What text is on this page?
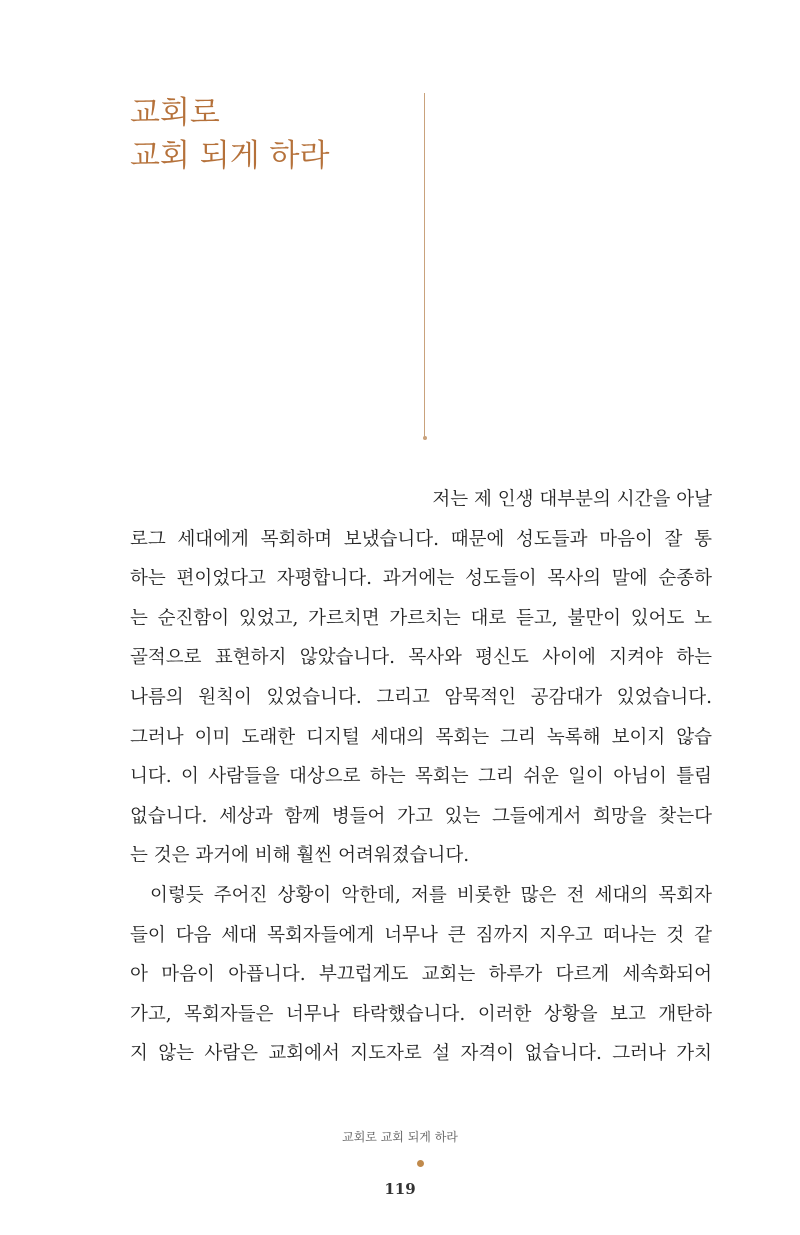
교회로
교회 되게 하라
저는 제 인생 대부분의 시간을 아날
로그 세대에게 목회하며 보냈습니다. 때문에 성도들과 마음이 잘 통
하는 편이었다고 자평합니다. 과거에는 성도들이 목사의 말에 순종하
는 순진함이 있었고, 가르치면 가르치는 대로 듣고, 불만이 있어도 노
골적으로 표현하지 않았습니다. 목사와 평신도 사이에 지켜야 하는
나름의 원칙이 있었습니다. 그리고 암묵적인 공감대가 있었습니다.
그러나 이미 도래한 디지털 세대의 목회는 그리 녹록해 보이지 않습
니다. 이 사람들을 대상으로 하는 목회는 그리 쉬운 일이 아님이 틀림
없습니다. 세상과 함께 병들어 가고 있는 그들에게서 희망을 찾는다
는 것은 과거에 비해 훨씬 어려워졌습니다.
이렇듯 주어진 상황이 악한데, 저를 비롯한 많은 전 세대의 목회자
들이 다음 세대 목회자들에게 너무나 큰 짐까지 지우고 떠나는 것 같
아 마음이 아픕니다. 부끄럽게도 교회는 하루가 다르게 세속화되어
가고, 목회자들은 너무나 타락했습니다. 이러한 상황을 보고 개탄하
지 않는 사람은 교회에서 지도자로 설 자격이 없습니다. 그러나 가치
교회로 교회 되게 하라
119
